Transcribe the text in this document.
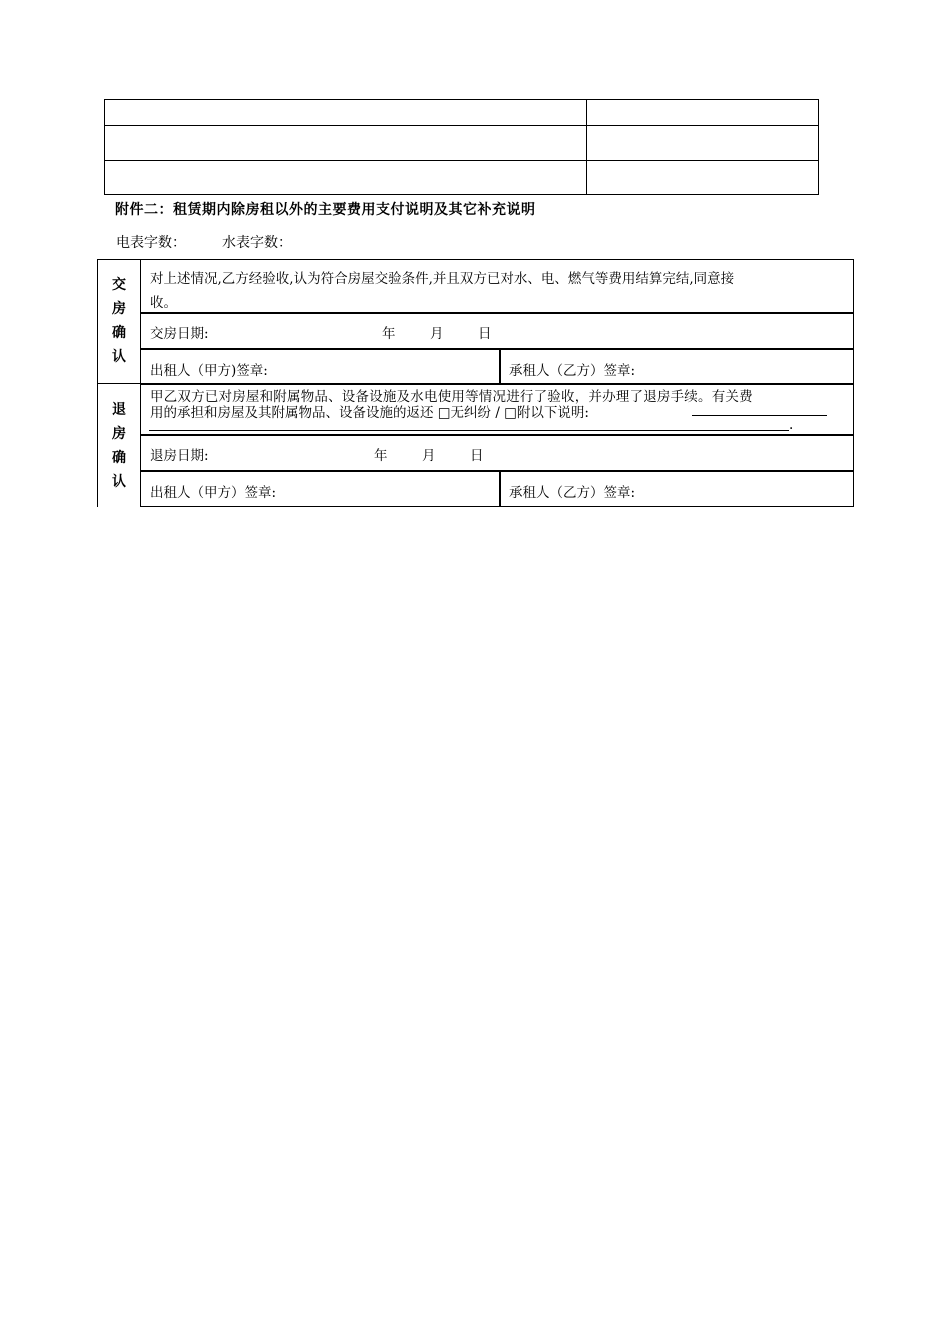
附件二：租赁期内除房租以外的主要费用支付说明及其它补充说明
电表字数：	水表字数：
交
房
确
认
对上述情况,乙方经验收,认为符合房屋交验条件,并且双方已对水、电、燃气等费用结算完结,同意接
收。
交房日期:	年	月	日
出租人（甲方)签章:	承租人（乙方）签章:
退
房
确
认
甲乙双方已对房屋和附属物品、设备设施及水电使用等情况进行了验收，并办理了退房手续。有关费
用的承担和房屋及其附属物品、设备设施的返还 □无纠纷 / □附以下说明:
.
退房日期:	年	月	日
出租人（甲方）签章:	承租人（乙方）签章:
